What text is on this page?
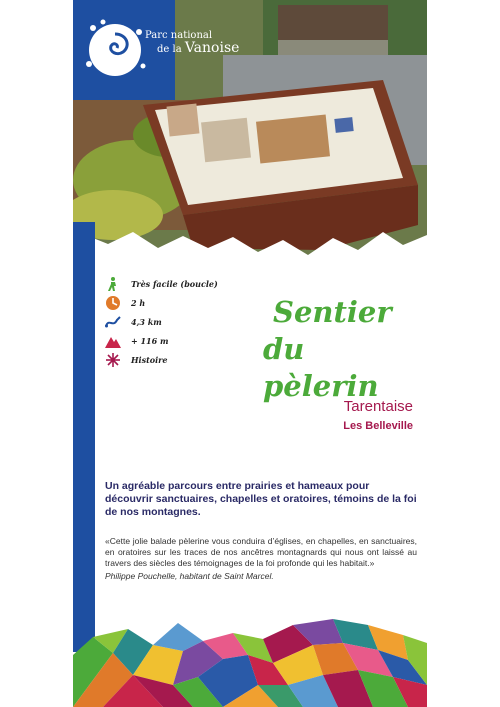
Parc national
de la Vanoise
Très facile (boucle)
2 h
4,3 km
+ 116 m
Histoire
Sentier
du pèlerin
Tarentaise
Les Belleville
Un agréable parcours entre prairies et hameaux pour découvrir sanctuaires, chapelles et oratoires, témoins de la foi de nos montagnes.
«Cette jolie balade pèlerine vous conduira d’églises, en chapelles, en sanctuaires, en oratoires sur les traces de nos ancêtres montagnards qui nous ont laissé au travers des siècles des témoignages de la foi profonde qui les habitait.»
Philippe Pouchelle, habitant de Saint Marcel.
